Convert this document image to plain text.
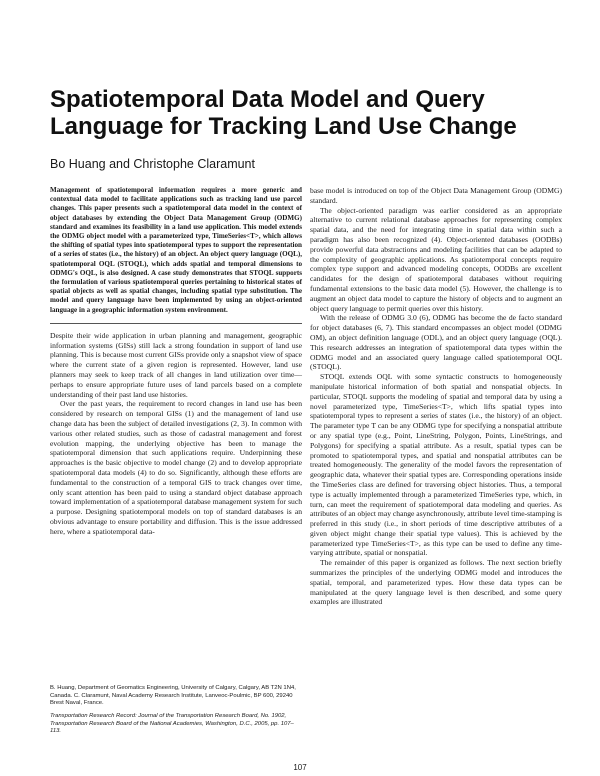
Spatiotemporal Data Model and Query Language for Tracking Land Use Change

Bo Huang and Christophe Claramunt

Management of spatiotemporal information requires a more generic and contextual data model to facilitate applications such as tracking land use parcel changes. This paper presents such a spatiotemporal data model in the context of object databases by extending the Object Data Management Group (ODMG) standard and examines its feasibility in a land use application. This model extends the ODMG object model with a parameterized type, TimeSeries<T>, which allows the shifting of spatial types into spatiotemporal types to support the representation of a series of states (i.e., the history) of an object. An object query language (OQL), spatiotemporal OQL (STOQL), which adds spatial and temporal dimensions to ODMG's OQL, is also designed. A case study demonstrates that STOQL supports the formulation of various spatiotemporal queries pertaining to historical states of spatial objects as well as spatial changes, including spatial type substitution. The model and query language have been implemented by using an object-oriented language in a geographic information system environment.

Despite their wide application in urban planning and management, geographic information systems (GISs) still lack a strong foundation in support of land use planning. This is because most current GISs provide only a snapshot view of space where the current state of a given region is represented. However, land use planners may seek to keep track of all changes in land utilization over time—perhaps to ensure appropriate future uses of land parcels based on a complete understanding of their past land use histories.

Over the past years, the requirement to record changes in land use has been considered by research on temporal GISs (1) and the management of land use change data has been the subject of detailed investigations (2, 3). In common with various other related studies, such as those of cadastral management and forest evolution mapping, the underlying objective has been to manage the spatiotemporal dimension that such applications require. Underpinning these approaches is the basic objective to model change (2) and to develop appropriate spatiotemporal data models (4) to do so. Significantly, although these efforts are fundamental to the construction of a temporal GIS to track changes over time, only scant attention has been paid to using a standard object database approach toward implementation of a spatiotemporal database management system for such a purpose. Designing spatiotemporal models on top of standard databases is an obvious advantage to ensure portability and diffusion. This is the issue addressed here, where a spatiotemporal data-

base model is introduced on top of the Object Data Management Group (ODMG) standard.

The object-oriented paradigm was earlier considered as an appropriate alternative to current relational database approaches for representing complex spatial data, and the need for integrating time in spatial data within such a paradigm has also been recognized (4). Object-oriented databases (OODBs) provide powerful data abstractions and modeling facilities that can be adapted to the complexity of geographic applications. As spatiotemporal concepts require complex type support and advanced modeling concepts, OODBs are excellent candidates for the design of spatiotemporal databases without requiring fundamental extensions to the basic data model (5). However, the challenge is to augment an object data model to capture the history of objects and to augment an object query language to permit queries over this history.

With the release of ODMG 3.0 (6), ODMG has become the de facto standard for object databases (6, 7). This standard encompasses an object model (ODMG OM), an object definition language (ODL), and an object query language (OQL). This research addresses an integration of spatiotemporal data types within the ODMG model and an associated query language called spatiotemporal OQL (STOQL).

STOQL extends OQL with some syntactic constructs to homogeneously manipulate historical information of both spatial and nonspatial objects. In particular, STOQL supports the modeling of spatial and temporal data by using a novel parameterized type, TimeSeries<T>, which lifts spatial types into spatiotemporal types to represent a series of states (i.e., the history) of an object. The parameter type T can be any ODMG type for specifying a nonspatial attribute or any spatial type (e.g., Point, LineString, Polygon, Points, LineStrings, and Polygons) for specifying a spatial attribute. As a result, spatial types can be promoted to spatiotemporal types, and spatial and nonspatial attributes can be treated homogeneously. The generality of the model favors the representation of geographic data, whatever their spatial types are. Corresponding operations inside the TimeSeries class are defined for traversing object histories. Thus, a temporal type is actually implemented through a parameterized TimeSeries type, which, in turn, can meet the requirement of spatiotemporal data modeling and queries. As attributes of an object may change asynchronously, attribute level time-stamping is preferred in this study (i.e., in short periods of time descriptive attributes of a given object might change their spatial type values). This is achieved by the parameterized type TimeSeries<T>, as this type can be used to define any time-varying attribute, spatial or nonspatial.

The remainder of this paper is organized as follows. The next section briefly summarizes the principles of the underlying ODMG model and introduces the spatial, temporal, and parameterized types. How these data types can be manipulated at the query language level is then described, and some query examples are illustrated

B. Huang, Department of Geomatics Engineering, University of Calgary, Calgary, AB T2N 1N4, Canada. C. Claramunt, Naval Academy Research Institute, Lanveoc-Poulmic, BP 600, 29240 Brest Naval, France.

Transportation Research Record: Journal of the Transportation Research Board, No. 1902, Transportation Research Board of the National Academies, Washington, D.C., 2005, pp. 107–113.

107
